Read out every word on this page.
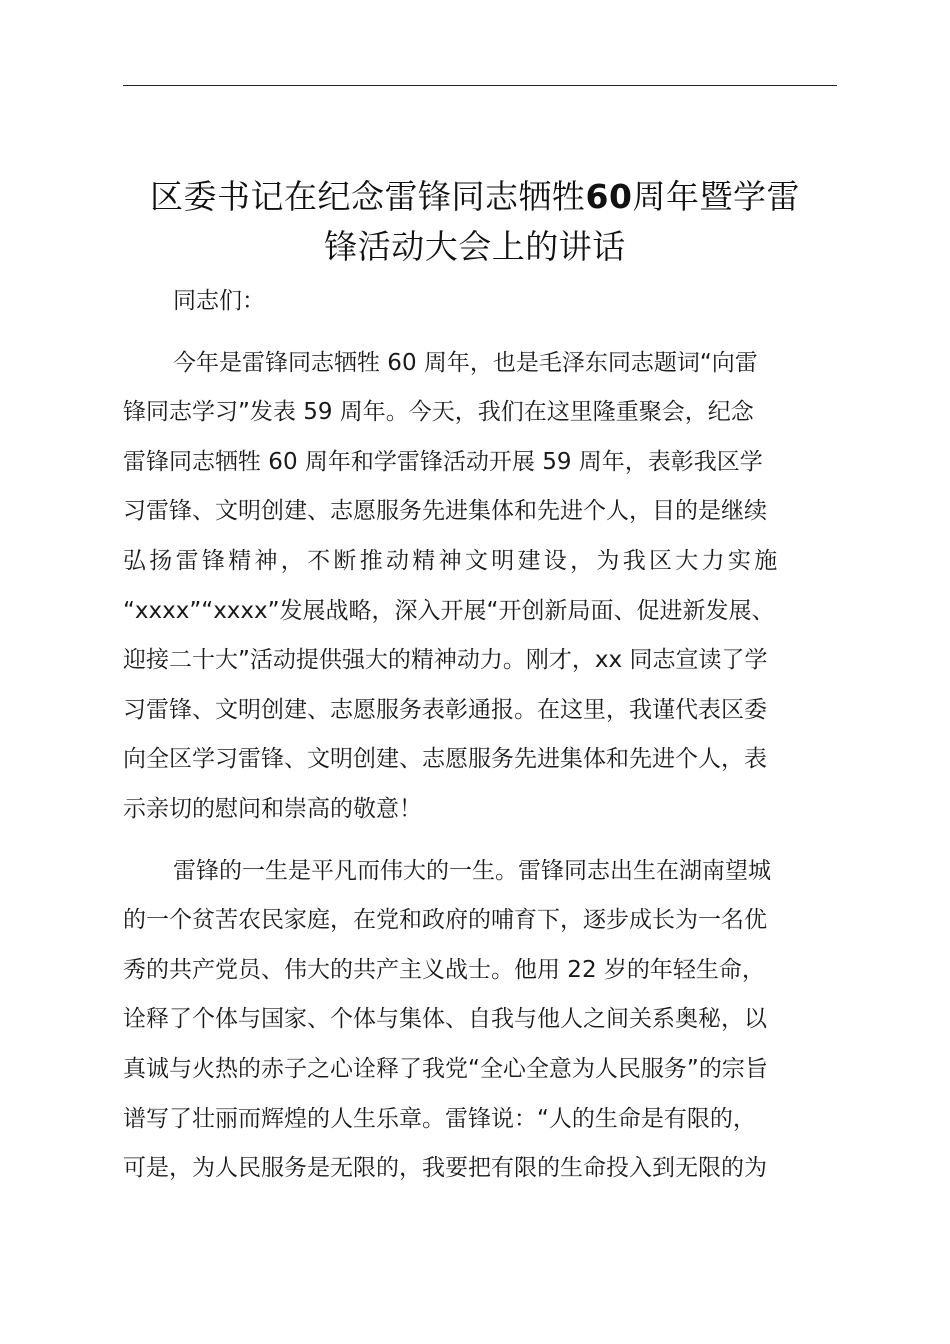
区委书记在纪念雷锋同志牺牲60周年暨学雷
锋活动大会上的讲话

同志们：

今年是雷锋同志牺牲 60 周年，也是毛泽东同志题词“向雷
锋同志学习”发表 59 周年。今天，我们在这里隆重聚会，纪念
雷锋同志牺牲 60 周年和学雷锋活动开展 59 周年，表彰我区学
习雷锋、文明创建、志愿服务先进集体和先进个人，目的是继续
弘扬雷锋精神，不断推动精神文明建设，为我区大力实施
“xxxx”“xxxx”发展战略，深入开展“开创新局面、促进新发展、
迎接二十大”活动提供强大的精神动力。刚才，xx 同志宣读了学
习雷锋、文明创建、志愿服务表彰通报。在这里，我谨代表区委
向全区学习雷锋、文明创建、志愿服务先进集体和先进个人，表
示亲切的慰问和崇高的敬意！

雷锋的一生是平凡而伟大的一生。雷锋同志出生在湖南望城
的一个贫苦农民家庭，在党和政府的哺育下，逐步成长为一名优
秀的共产党员、伟大的共产主义战士。他用 22 岁的年轻生命，
诠释了个体与国家、个体与集体、自我与他人之间关系奥秘，以
真诚与火热的赤子之心诠释了我党“全心全意为人民服务”的宗旨
谱写了壮丽而辉煌的人生乐章。雷锋说：“人的生命是有限的，
可是，为人民服务是无限的，我要把有限的生命投入到无限的为
